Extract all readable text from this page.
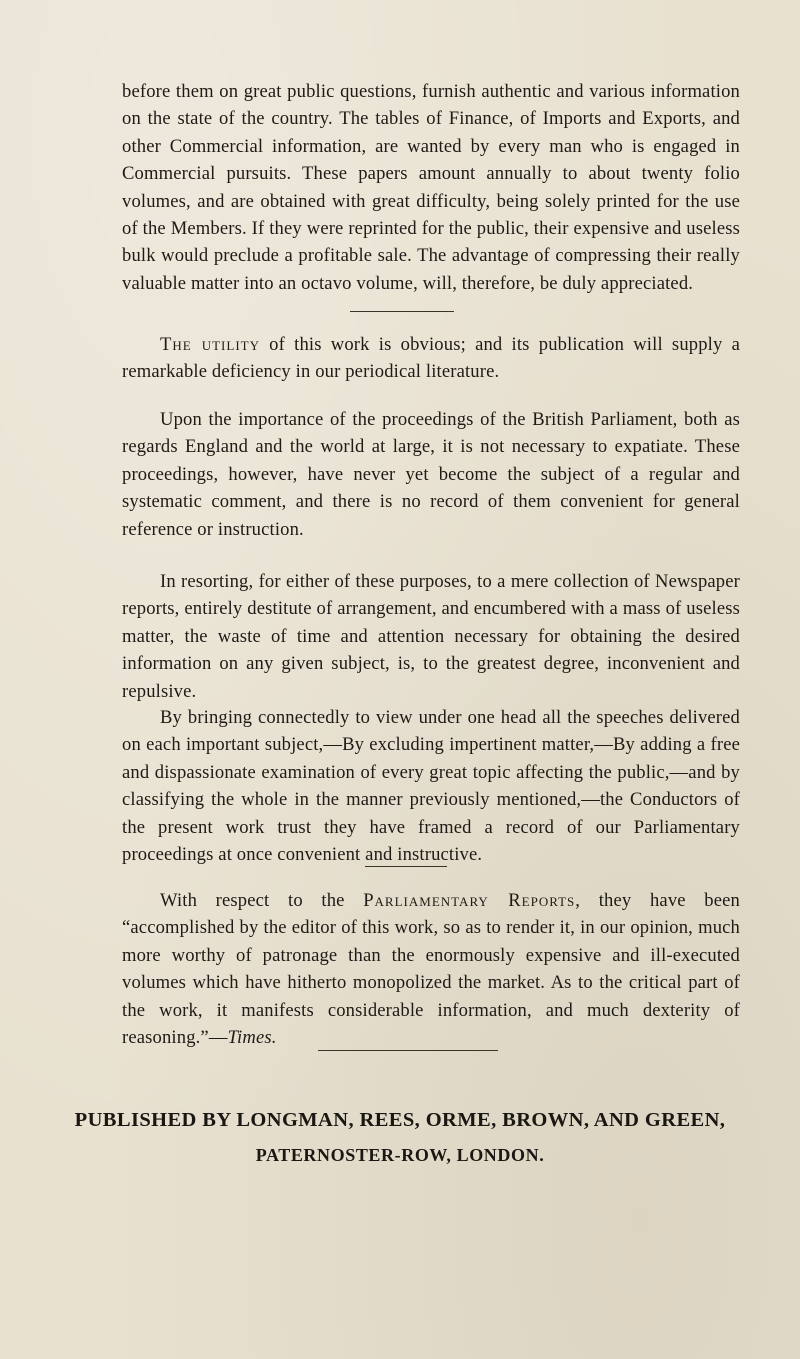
before them on great public questions, furnish authentic and various information on the state of the country. The tables of Finance, of Imports and Exports, and other Commercial information, are wanted by every man who is engaged in Commercial pursuits. These papers amount annually to about twenty folio volumes, and are obtained with great difficulty, being solely printed for the use of the Members. If they were reprinted for the public, their expensive and useless bulk would preclude a profitable sale. The advantage of compressing their really valuable matter into an octavo volume, will, therefore, be duly appreciated.

The utility of this work is obvious; and its publication will supply a remarkable deficiency in our periodical literature.

Upon the importance of the proceedings of the British Parliament, both as regards England and the world at large, it is not necessary to expatiate. These proceedings, however, have never yet become the subject of a regular and systematic comment, and there is no record of them convenient for general reference or instruction.

In resorting, for either of these purposes, to a mere collection of Newspaper reports, entirely destitute of arrangement, and encumbered with a mass of useless matter, the waste of time and attention necessary for obtaining the desired information on any given subject, is, to the greatest degree, inconvenient and repulsive.

By bringing connectedly to view under one head all the speeches delivered on each important subject,—By excluding impertinent matter,—By adding a free and dispassionate examination of every great topic affecting the public,—and by classifying the whole in the manner previously mentioned,—the Conductors of the present work trust they have framed a record of our Parliamentary proceedings at once convenient and instructive.

With respect to the Parliamentary Reports, they have been “accomplished by the editor of this work, so as to render it, in our opinion, much more worthy of patronage than the enormously expensive and ill-executed volumes which have hitherto monopolized the market. As to the critical part of the work, it manifests considerable information, and much dexterity of reasoning.”—Times.

PUBLISHED BY LONGMAN, REES, ORME, BROWN, AND GREEN,
PATERNOSTER-ROW, LONDON.
